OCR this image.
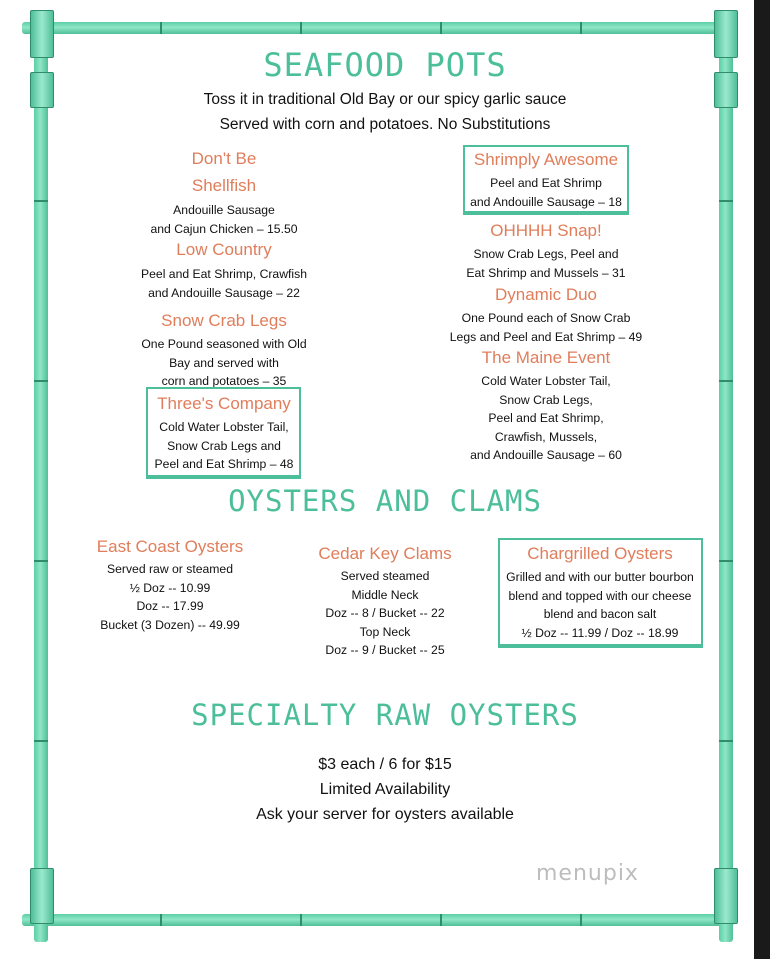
SEAFOOD POTS
Toss it in traditional Old Bay or our spicy garlic sauce
Served with corn and potatoes. No Substitutions
Don't Be
Shellfish
Andouille Sausage
and Cajun Chicken – 15.50
Low Country
Peel and Eat Shrimp, Crawfish
and Andouille Sausage – 22
Snow Crab Legs
One Pound seasoned with Old
Bay and served with
corn and potatoes – 35
Three's Company
Cold Water Lobster Tail,
Snow Crab Legs and
Peel and Eat Shrimp – 48
Shrimply Awesome
Peel and Eat Shrimp
and Andouille Sausage – 18
OHHHH Snap!
Snow Crab Legs, Peel and
Eat Shrimp and Mussels – 31
Dynamic Duo
One Pound each of Snow Crab
Legs and Peel and Eat Shrimp – 49
The Maine Event
Cold Water Lobster Tail,
Snow Crab Legs,
Peel and Eat Shrimp,
Crawfish, Mussels,
and Andouille Sausage – 60
OYSTERS AND CLAMS
East Coast Oysters
Served raw or steamed
½ Doz -- 10.99
Doz -- 17.99
Bucket (3 Dozen) -- 49.99
Cedar Key Clams
Served steamed
Middle Neck
Doz -- 8 / Bucket -- 22
Top Neck
Doz -- 9 / Bucket -- 25
Chargrilled Oysters
Grilled and with our butter bourbon
blend and topped with our cheese
blend and bacon salt
½ Doz -- 11.99 / Doz -- 18.99
SPECIALTY RAW OYSTERS
$3 each / 6 for $15
Limited Availability
Ask your server for oysters available
menupix
